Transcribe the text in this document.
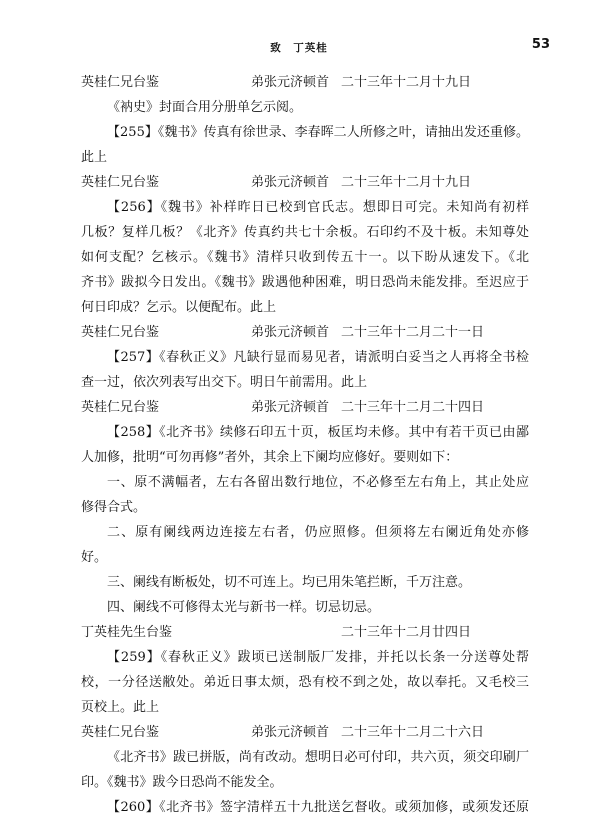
致　丁英桂	53
英桂仁兄台鉴	弟张元济顿首 二十三年十二月十九日
《衲史》封面合用分册单乞示阅。
【255】《魏书》传真有徐世录、李春晖二人所修之叶，请抽出发还重修。
此上
英桂仁兄台鉴	弟张元济顿首 二十三年十二月十九日
【256】《魏书》补样昨日已校到官氏志。想即日可完。未知尚有初样
几板？复样几板？《北齐》传真约共七十余板。石印约不及十板。未知尊处
如何支配？乞核示。《魏书》清样只收到传五十一。以下盼从速发下。《北
齐书》跋拟今日发出。《魏书》跋遇他种困难，明日恐尚未能发排。至迟应于
何日印成？乞示。以便配布。此上
英桂仁兄台鉴	弟张元济顿首 二十三年十二月二十一日
【257】《春秋正义》凡缺行显而易见者，请派明白妥当之人再将全书检
查一过，依次列表写出交下。明日午前需用。此上
英桂仁兄台鉴	弟张元济顿首 二十三年十二月二十四日
【258】《北齐书》续修石印五十页，板匡均未修。其中有若干页已由鄙
人加修，批明“可勿再修”者外，其余上下阑均应修好。要则如下：
一、原不满幅者，左右各留出数行地位，不必修至左右角上，其止处应
修得合式。
二、原有阑线两边连接左右者，仍应照修。但须将左右阑近角处亦修
好。
三、阑线有断板处，切不可连上。均已用朱笔拦断，千万注意。
四、阑线不可修得太光与新书一样。切忌切忌。
丁英桂先生台鉴	二十三年十二月廿四日
【259】《春秋正义》跋顷已送制版厂发排，并托以长条一分送尊处帮
校，一分径送敝处。弟近日事太烦，恐有校不到之处，故以奉托。又毛校三
页校上。此上
英桂仁兄台鉴	弟张元济顿首 二十三年十二月二十六日
《北齐书》跋已拼版，尚有改动。想明日必可付印，共六页，须交印刷厂
印。《魏书》跋今日恐尚不能发全。
【260】《北齐书》签字清样五十九批送乞督收。或须加修，或须发还原
